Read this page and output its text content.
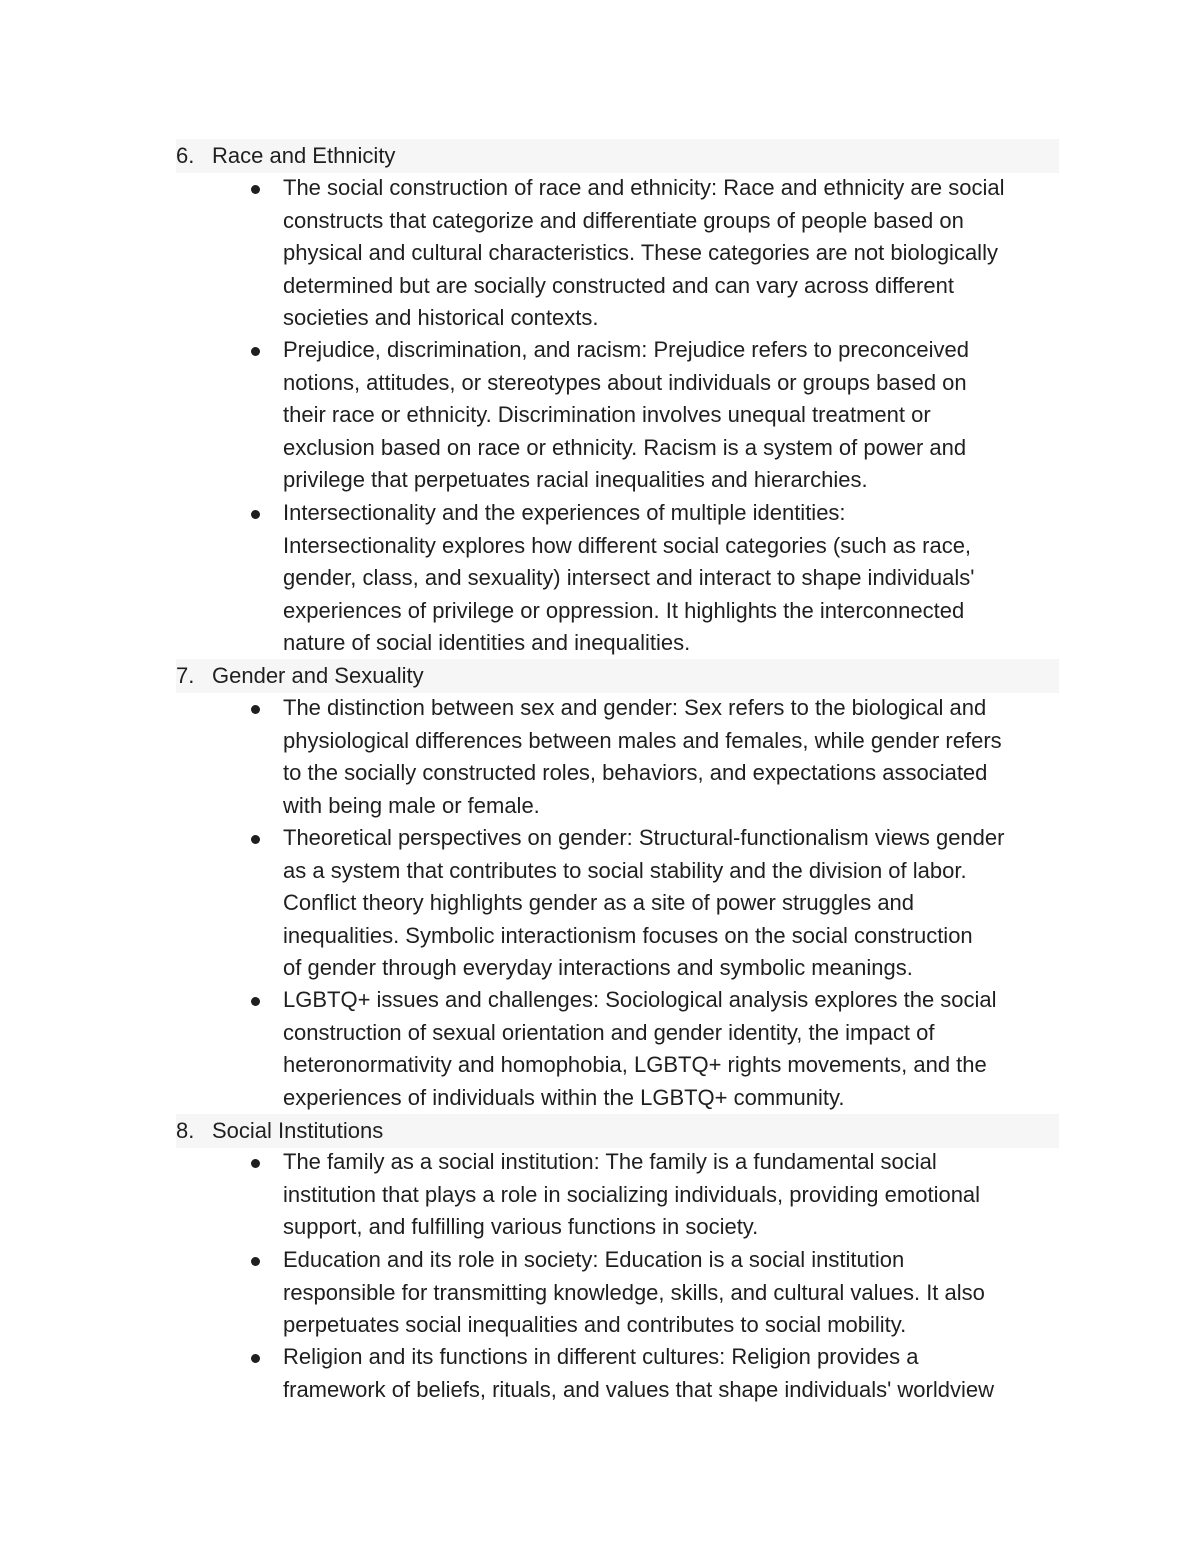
6. Race and Ethnicity
The social construction of race and ethnicity: Race and ethnicity are social
constructs that categorize and differentiate groups of people based on
physical and cultural characteristics. These categories are not biologically
determined but are socially constructed and can vary across different
societies and historical contexts.
Prejudice, discrimination, and racism: Prejudice refers to preconceived
notions, attitudes, or stereotypes about individuals or groups based on
their race or ethnicity. Discrimination involves unequal treatment or
exclusion based on race or ethnicity. Racism is a system of power and
privilege that perpetuates racial inequalities and hierarchies.
Intersectionality and the experiences of multiple identities:
Intersectionality explores how different social categories (such as race,
gender, class, and sexuality) intersect and interact to shape individuals'
experiences of privilege or oppression. It highlights the interconnected
nature of social identities and inequalities.
7. Gender and Sexuality
The distinction between sex and gender: Sex refers to the biological and
physiological differences between males and females, while gender refers
to the socially constructed roles, behaviors, and expectations associated
with being male or female.
Theoretical perspectives on gender: Structural-functionalism views gender
as a system that contributes to social stability and the division of labor.
Conflict theory highlights gender as a site of power struggles and
inequalities. Symbolic interactionism focuses on the social construction
of gender through everyday interactions and symbolic meanings.
LGBTQ+ issues and challenges: Sociological analysis explores the social
construction of sexual orientation and gender identity, the impact of
heteronormativity and homophobia, LGBTQ+ rights movements, and the
experiences of individuals within the LGBTQ+ community.
8. Social Institutions
The family as a social institution: The family is a fundamental social
institution that plays a role in socializing individuals, providing emotional
support, and fulfilling various functions in society.
Education and its role in society: Education is a social institution
responsible for transmitting knowledge, skills, and cultural values. It also
perpetuates social inequalities and contributes to social mobility.
Religion and its functions in different cultures: Religion provides a
framework of beliefs, rituals, and values that shape individuals' worldview
